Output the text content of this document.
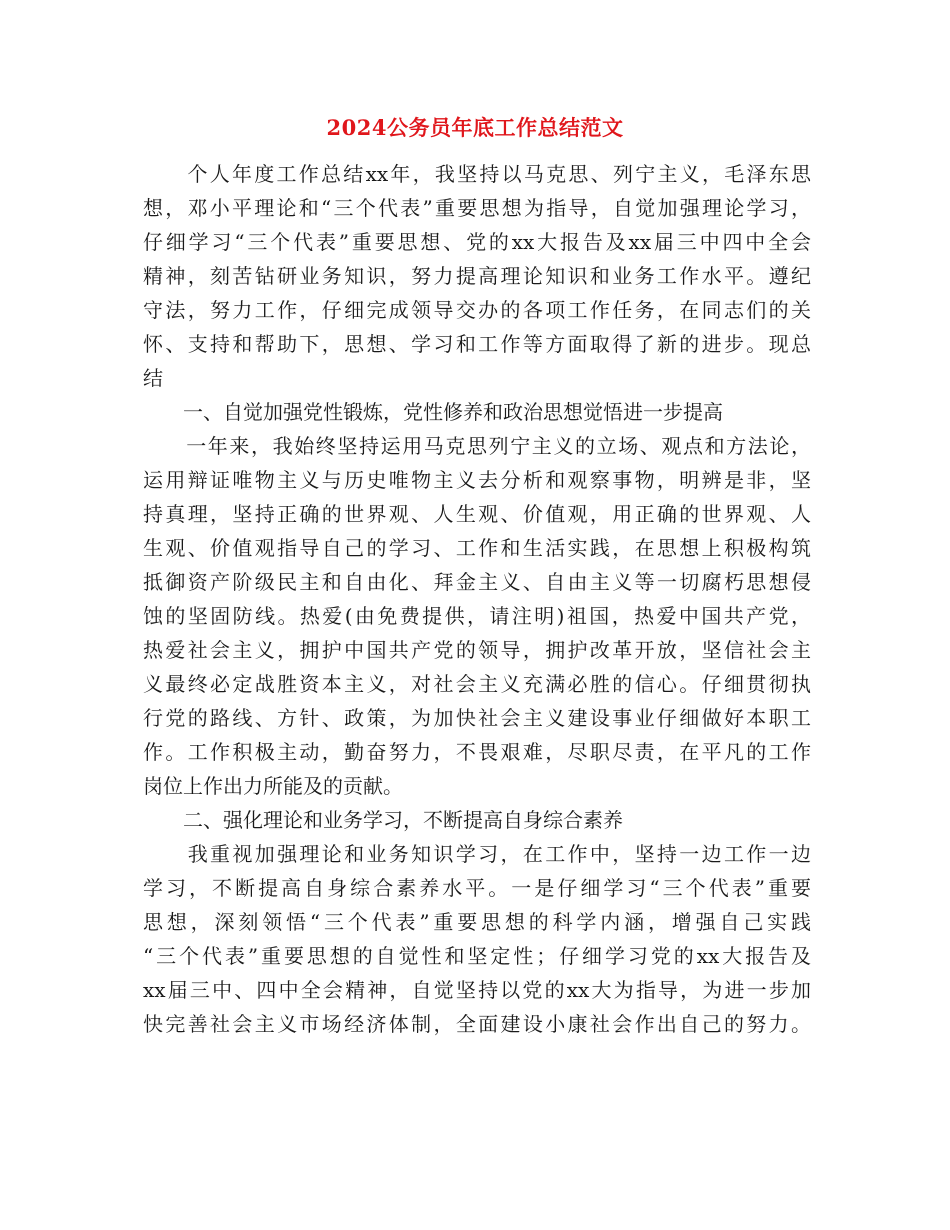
2024公务员年底工作总结范文
　　个人年度工作总结xx年，我坚持以马克思、列宁主义，毛泽东思
想，邓小平理论和“三个代表”重要思想为指导，自觉加强理论学习，
仔细学习“三个代表”重要思想、党的xx大报告及xx届三中四中全会
精神，刻苦钻研业务知识，努力提高理论知识和业务工作水平。遵纪
守法，努力工作，仔细完成领导交办的各项工作任务，在同志们的关
怀、支持和帮助下，思想、学习和工作等方面取得了新的进步。现总
结
　　一、自觉加强党性锻炼，党性修养和政治思想觉悟进一步提高
　　一年来，我始终坚持运用马克思列宁主义的立场、观点和方法论，
运用辩证唯物主义与历史唯物主义去分析和观察事物，明辨是非，坚
持真理，坚持正确的世界观、人生观、价值观，用正确的世界观、人
生观、价值观指导自己的学习、工作和生活实践，在思想上积极构筑
抵御资产阶级民主和自由化、拜金主义、自由主义等一切腐朽思想侵
蚀的坚固防线。热爱(由免费提供，请注明)祖国，热爱中国共产党，
热爱社会主义，拥护中国共产党的领导，拥护改革开放，坚信社会主
义最终必定战胜资本主义，对社会主义充满必胜的信心。仔细贯彻执
行党的路线、方针、政策，为加快社会主义建设事业仔细做好本职工
作。工作积极主动，勤奋努力，不畏艰难，尽职尽责，在平凡的工作
岗位上作出力所能及的贡献。
　　二、强化理论和业务学习，不断提高自身综合素养
　　我重视加强理论和业务知识学习，在工作中，坚持一边工作一边
学习，不断提高自身综合素养水平。一是仔细学习“三个代表”重要
思想，深刻领悟“三个代表”重要思想的科学内涵，增强自己实践
“三个代表”重要思想的自觉性和坚定性；仔细学习党的xx大报告及
xx届三中、四中全会精神，自觉坚持以党的xx大为指导，为进一步加
快完善社会主义市场经济体制，全面建设小康社会作出自己的努力。
